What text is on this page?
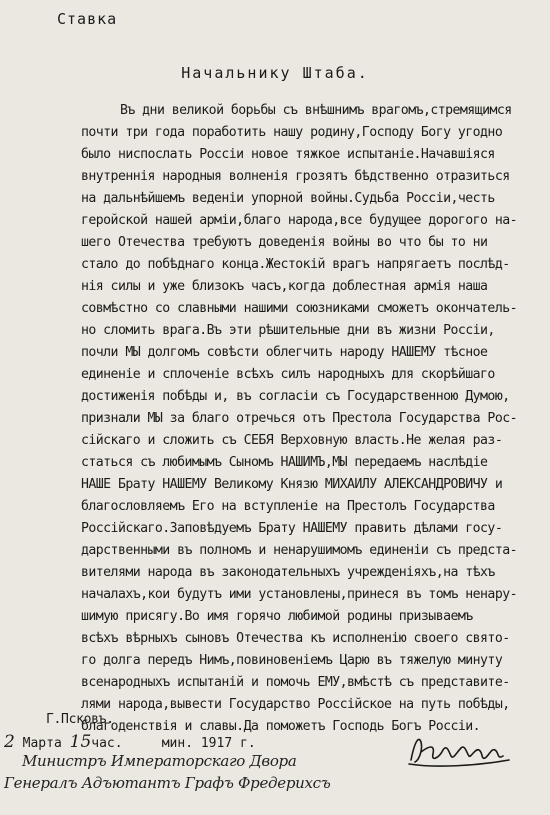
Ставка
Начальнику Штаба.
Въ дни великой борьбы съ внѣшнимъ врагомъ,стремящимся
почти три года поработить нашу родину,Господу Богу угодно
было ниспослать Россіи новое тяжкое испытаніе.Начавшіяся
внутреннія народныя волненія грозятъ бѣдственно отразиться
на дальнѣйшемъ веденіи упорной войны.Судьба Россіи,честь
геройской нашей арміи,благо народа,все будущее дорогого на-
шего Отечества требуютъ доведенія войны во что бы то ни
стало до побѣднаго конца.Жестокій врагъ напрягаетъ послѣд-
нія силы и уже близокъ часъ,когда доблестная армія наша
совмѣстно со славными нашими союзниками сможетъ окончатель-
но сломить врага.Въ эти рѣшительные дни въ жизни Россіи,
почли МЫ долгомъ совѣсти облегчить народу НАШЕМУ тѣсное
единеніе и сплоченіе всѣхъ силъ народныхъ для скорѣйшаго
достиженія побѣды и, въ согласіи съ Государственною Думою,
признали МЫ за благо отречься отъ Престола Государства Рос-
сійскаго и сложить съ СЕБЯ Верховную власть.Не желая раз-
статься съ любимымъ Сыномъ НАШИМЪ,МЫ передаемъ наслѣдіе
НАШЕ Брату НАШЕМУ Великому Князю МИХАИЛУ АЛЕКСАНДРОВИЧУ и
благословляемъ Его на вступленіе на Престолъ Государства
Россійскаго.Заповѣдуемъ Брату НАШЕМУ править дѣлами госу-
дарственными въ полномъ и ненарушимомъ единеніи съ предста-
вителями народа въ законодательныхъ учрежденіяхъ,на тѣхъ
началахъ,кои будутъ ими установлены,принеся въ томъ ненару-
шимую присягу.Во имя горячо любимой родины призываемъ
всѣхъ вѣрныхъ сыновъ Отечества къ исполненію своего свято-
го долга передъ Нимъ,повиновеніемъ Царю въ тяжелую минуту
всенародныхъ испытаній и помочь ЕМУ,вмѣстѣ съ представите-
лями народа,вывести Государство Россійское на путь побѣды,
благоденствія и славы.Да поможетъ Господь Богъ Россіи.
Г.Псковъ.
2 Марта 15час.	мин. 1917 г.
Министръ Императорскаго Двора
Генералъ Адъютантъ Графъ Фредерихсъ
